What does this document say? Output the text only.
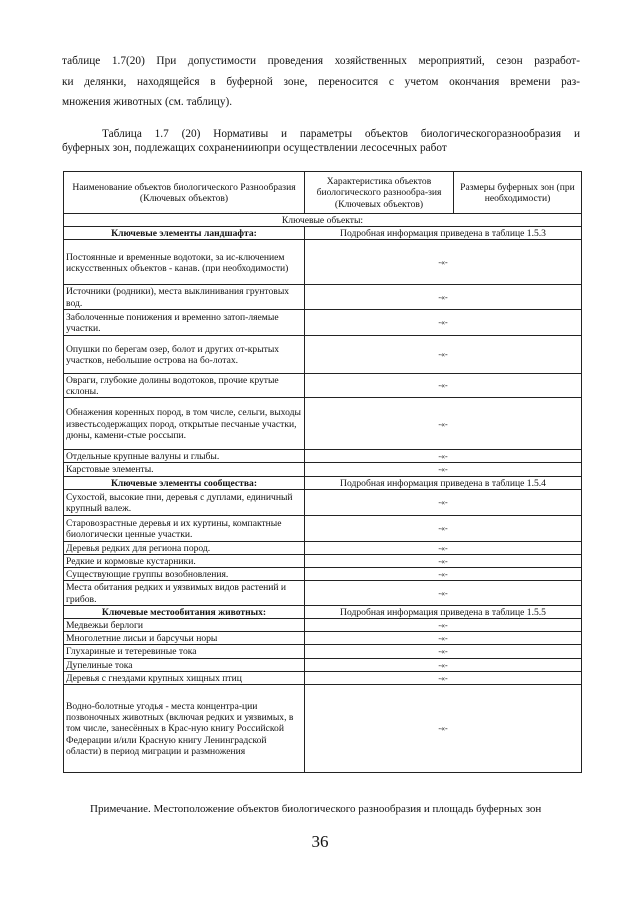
таблице 1.7(20) При допустимости проведения хозяйственных мероприятий, сезон разработ-
ки делянки, находящейся в буферной зоне, переносится с учетом окончания времени раз-
множения животных (см. таблицу).

Таблица 1.7 (20) Нормативы и параметры объектов биологическогоразнообразия и
буферных зон, подлежащих сохраненииюпри осуществлении лесосечных работ

Наименование объектов биологического Разнообразия (Ключевых объектов)	Характеристика объектов биологического разнообра-зия (Ключевых объектов)	Размеры буферных зон (при необходимости)
Ключевые объекты:		
Ключевые элементы ландшафта:	Подробная информация приведена в таблице 1.5.3	
Постоянные и временные водотоки, за ис-ключением искусственных объектов - канав. (при необходимости)	-«-	
Источники (родники), места выклинивания грунтовых вод.	-«-	
Заболоченные понижения и временно затоп-ляемые участки.	-«-	
Опушки по берегам озер, болот и других от-крытых участков, небольшие острова на бо-лотах.	-«-	
Овраги, глубокие долины водотоков, прочие крутые склоны.	-«-	
Обнажения коренных пород, в том числе, сельги, выходы известьсодержащих пород, открытые песчаные участки, дюны, камени-стые россыпи.	-«-	
Отдельные крупные валуны и глыбы.	-«-	
Карстовые элементы.	-«-	
Ключевые элементы сообщества:	Подробная информация приведена в таблице 1.5.4	
Сухостой, высокие пни, деревья с дуплами, единичный крупный валеж.	-«-	
Старовозрастные деревья и их куртины, компактные биологически ценные участки.	-«-	
Деревья редких для региона пород.	-«-	
Редкие и кормовые кустарники.	-«-	
Существующие группы возобновления.	-«-	
Места обитания редких и уязвимых видов растений и грибов.	-«-	
Ключевые местообитания животных:	Подробная информация приведена в таблице 1.5.5	
Медвежьи берлоги	-«-	
Многолетние лисьи и барсучьи норы	-«-	
Глухариные и тетеревиные тока	-«-	
Дупелиные тока	-«-	
Деревья с гнездами крупных хищных птиц	-«-	
Водно-болотные угодья - места концентра-ции позвоночных животных (включая редких и уязвимых, в том числе, занесённых в Крас-ную книгу Российской Федерации и/или Красную книгу Ленинградской области) в период миграции и размножения	-«-	

Примечание. Местоположение объектов биологического разнообразия и площадь буферных зон

36
